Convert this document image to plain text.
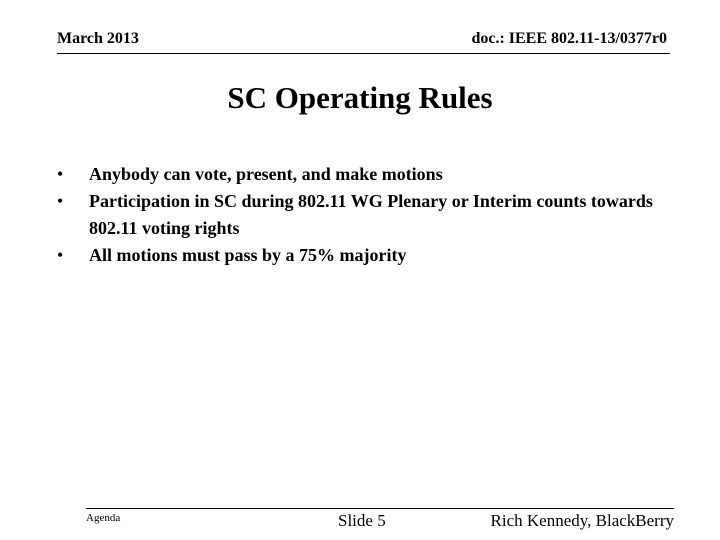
March 2013	doc.: IEEE 802.11-13/0377r0
SC Operating Rules
• Anybody can vote, present, and make motions
• Participation in SC during 802.11 WG Plenary or Interim counts towards 802.11 voting rights
• All motions must pass by a 75% majority
Agenda	Slide 5	Rich Kennedy, BlackBerry
